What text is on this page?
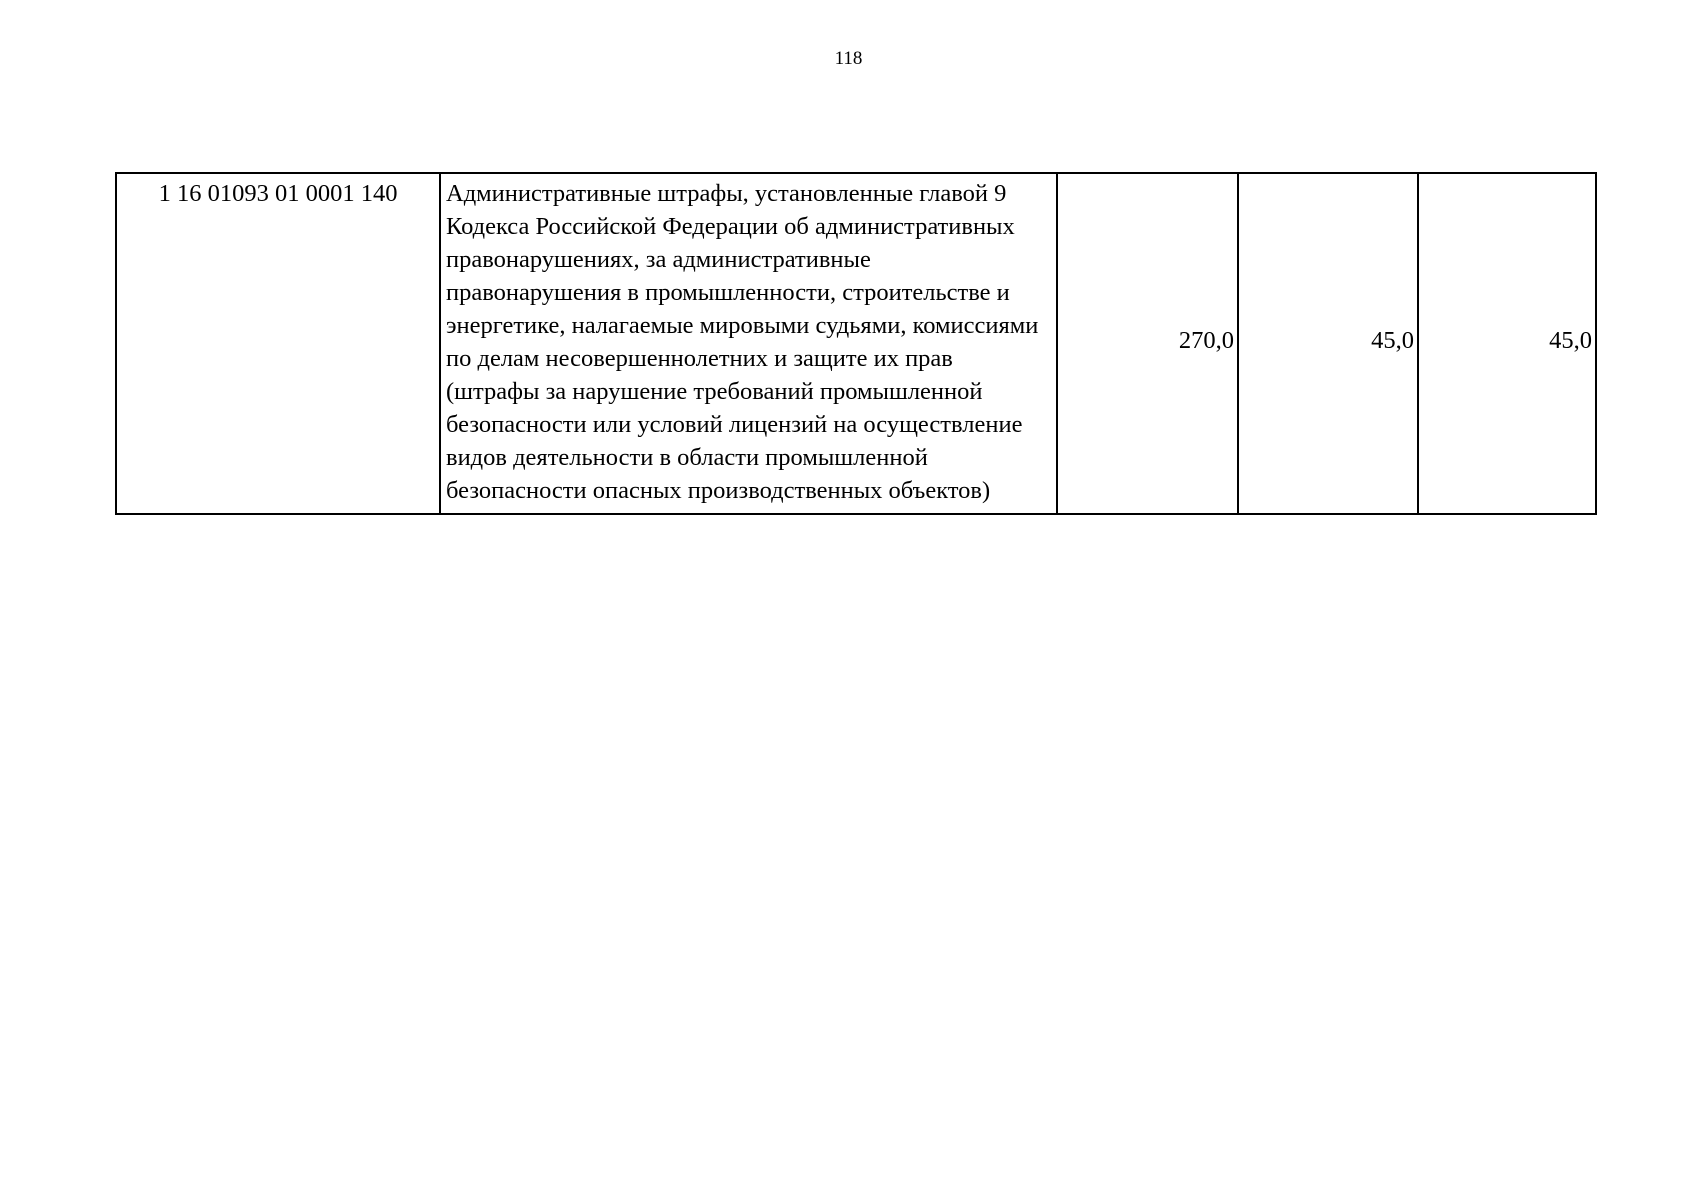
118
1 16 01093 01 0001 140	Административные штрафы, установленные главой 9 Кодекса Российской Федерации об административных правонарушениях, за административные правонарушения в промышленности, строительстве и энергетике, налагаемые мировыми судьями, комиссиями по делам несовершеннолетних и защите их прав (штрафы за нарушение требований промышленной безопасности или условий лицензий на осуществление видов деятельности в области промышленной безопасности опасных производственных объектов)	270,0	45,0	45,0
